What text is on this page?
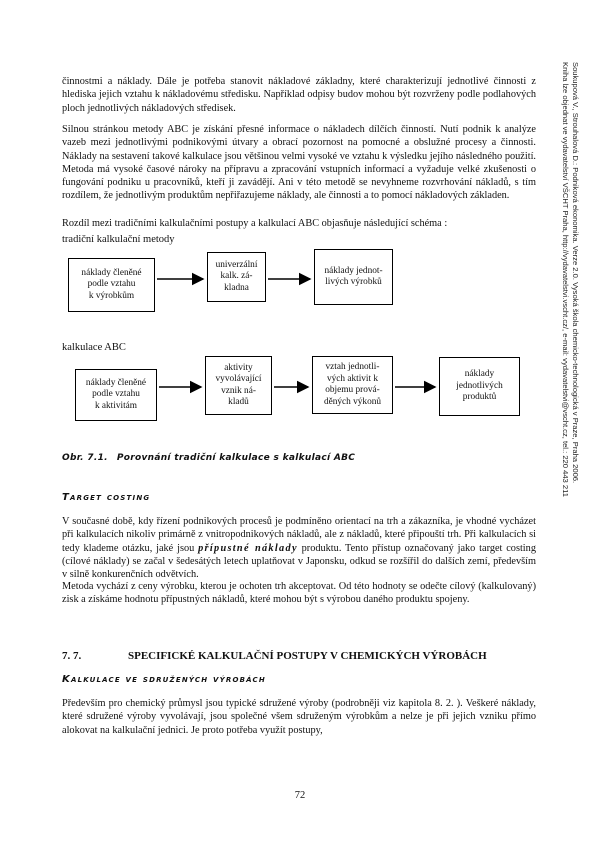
činnostmi a náklady. Dále je potřeba stanovit nákladové základny, které charakterizují jednotlivé činnosti z hlediska jejich vztahu k nákladovému středisku. Například odpisy budov mohou být rozvrženy podle podlahových ploch jednotlivých nákladových středisek.

Silnou stránkou metody ABC je získání přesné informace o nákladech dílčích činností. Nutí podnik k analýze vazeb mezi jednotlivými podnikovými útvary a obrací pozornost na pomocné a obslužné procesy a činnosti. Náklady na sestavení takové kalkulace jsou většinou velmi vysoké ve vztahu k výsledku jejího následného použití. Metoda má vysoké časové nároky na přípravu a zpracování vstupních informací a vyžaduje velké zkušenosti o fungování podniku u pracovníků, kteří ji zavádějí. Ani v této metodě se nevyhneme rozvrhování nákladů, s tím rozdílem, že jednotlivým produktům nepřiřazujeme náklady, ale činnosti a to pomocí nákladových základen.

Rozdíl mezi tradičními kalkulačními postupy a kalkulací ABC objasňuje následující schéma :

tradiční kalkulační metody

náklady členěné
podle vztahu
k výrobkům
univerzální
kalk. zá-
kladna
náklady jednot-
livých výrobků

kalkulace ABC

náklady členěné
podle vztahu
k aktivitám
aktivity
vyvolávající
vznik ná-
kladů
vztah jednotli-
vých aktivit k
objemu prová-
děných výkonů
náklady
jednotlivých
produktů

Obr. 7.1. Porovnání tradiční kalkulace s kalkulací ABC

Target costing

V současné době, kdy řízení podnikových procesů je podmíněno orientací na trh a zákazníka, je vhodné vycházet při kalkulacích nikoliv primárně z vnitropodnikových nákladů, ale z nákladů, které připouští trh. Při kalkulacích si tedy klademe otázku, jaké jsou přípustné náklady produktu. Tento přístup označovaný jako target costing (cílové náklady) se začal v šedesátých letech uplatňovat v Japonsku, odkud se rozšířil do dalších zemí, především v silně konkurenčních odvětvích.

Metoda vychází z ceny výrobku, kterou je ochoten trh akceptovat. Od této hodnoty se odečte cílový (kalkulovaný) zisk a získáme hodnotu přípustných nákladů, které mohou být s výrobou daného produktu spojeny.

7. 7.	SPECIFICKÉ KALKULAČNÍ POSTUPY V CHEMICKÝCH VÝROBÁCH

Kalkulace ve sdružených výrobách

Především pro chemický průmysl jsou typické sdružené výroby (podrobněji viz kapitola 8. 2. ). Veškeré náklady, které sdružené výroby vyvolávají, jsou společné všem sdruženým výrobkům a nelze je při jejich vzniku přímo alokovat na kalkulační jednici. Je proto potřeba využít postupy,

72

Soukupová V., Strouhalová D.: Podniková ekonomika. Verze 2.0. Vysoká škola chemicko-technologická v Praze, Praha 2006.

Kniha lze objednat ve vydavatelství VŠCHT Praha, http://vydavatelstvi.vscht.cz/, e-mail: vydavatelstvi@vscht.cz, tel.: 220 443 211
